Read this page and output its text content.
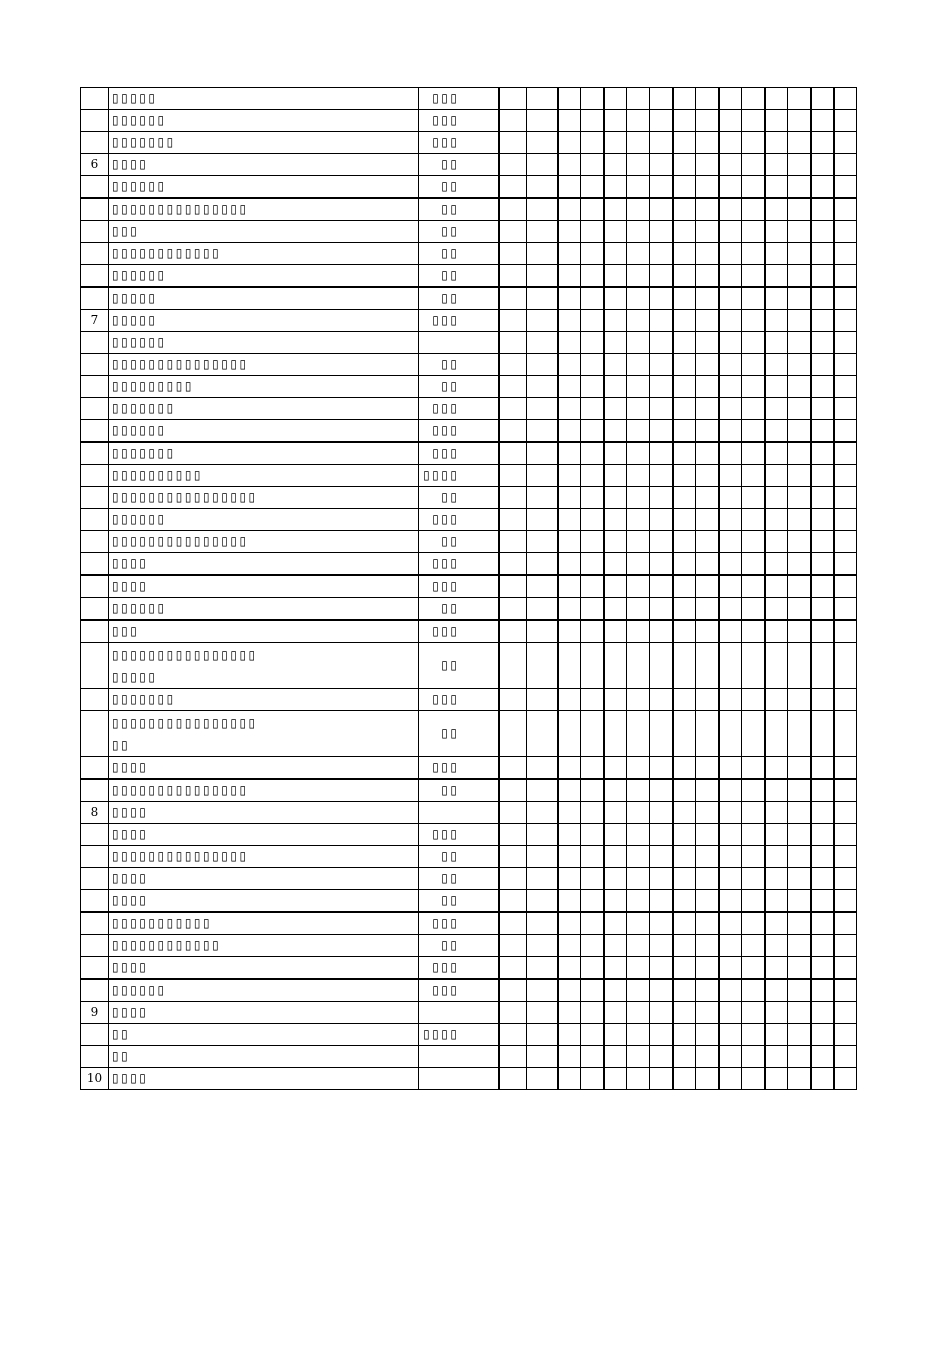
	▯▯▯▯▯	▯▯▯															
	▯▯▯▯▯▯	▯▯▯															
	▯▯▯▯▯▯▯	▯▯▯															
6	▯▯▯▯	▯▯															
	▯▯▯▯▯▯	▯▯															
	▯▯▯▯▯▯▯▯▯▯▯▯▯▯▯	▯▯															
	▯▯▯	▯▯															
	▯▯▯▯▯▯▯▯▯▯▯▯	▯▯															
	▯▯▯▯▯▯	▯▯															
	▯▯▯▯▯	▯▯															
7	▯▯▯▯▯	▯▯▯															
	▯▯▯▯▯▯																
	▯▯▯▯▯▯▯▯▯▯▯▯▯▯▯	▯▯															
	▯▯▯▯▯▯▯▯▯	▯▯															
	▯▯▯▯▯▯▯	▯▯▯															
	▯▯▯▯▯▯	▯▯▯															
	▯▯▯▯▯▯▯	▯▯▯															
	▯▯▯▯▯▯▯▯▯▯	▯▯▯▯															
	▯▯▯▯▯▯▯▯▯▯▯▯▯▯▯▯	▯▯															
	▯▯▯▯▯▯	▯▯▯															
	▯▯▯▯▯▯▯▯▯▯▯▯▯▯▯	▯▯															
	▯▯▯▯	▯▯▯															
	▯▯▯▯	▯▯▯															
	▯▯▯▯▯▯	▯▯															
	▯▯▯	▯▯▯															

	▯▯▯▯▯▯▯▯▯▯▯▯▯▯▯▯
▯▯▯▯▯	▯▯															
	▯▯▯▯▯▯▯	▯▯▯															

	▯▯▯▯▯▯▯▯▯▯▯▯▯▯▯▯
▯▯	▯▯															
	▯▯▯▯	▯▯▯															
	▯▯▯▯▯▯▯▯▯▯▯▯▯▯▯	▯▯															
8	▯▯▯▯																
	▯▯▯▯	▯▯▯															
	▯▯▯▯▯▯▯▯▯▯▯▯▯▯▯	▯▯															
	▯▯▯▯	▯▯															
	▯▯▯▯	▯▯															
	▯▯▯▯▯▯▯▯▯▯▯	▯▯▯															
	▯▯▯▯▯▯▯▯▯▯▯▯	▯▯															
	▯▯▯▯	▯▯▯															
	▯▯▯▯▯▯	▯▯▯															
9	▯▯▯▯																
	▯▯	▯▯▯▯															
	▯▯																
10	▯▯▯▯																
